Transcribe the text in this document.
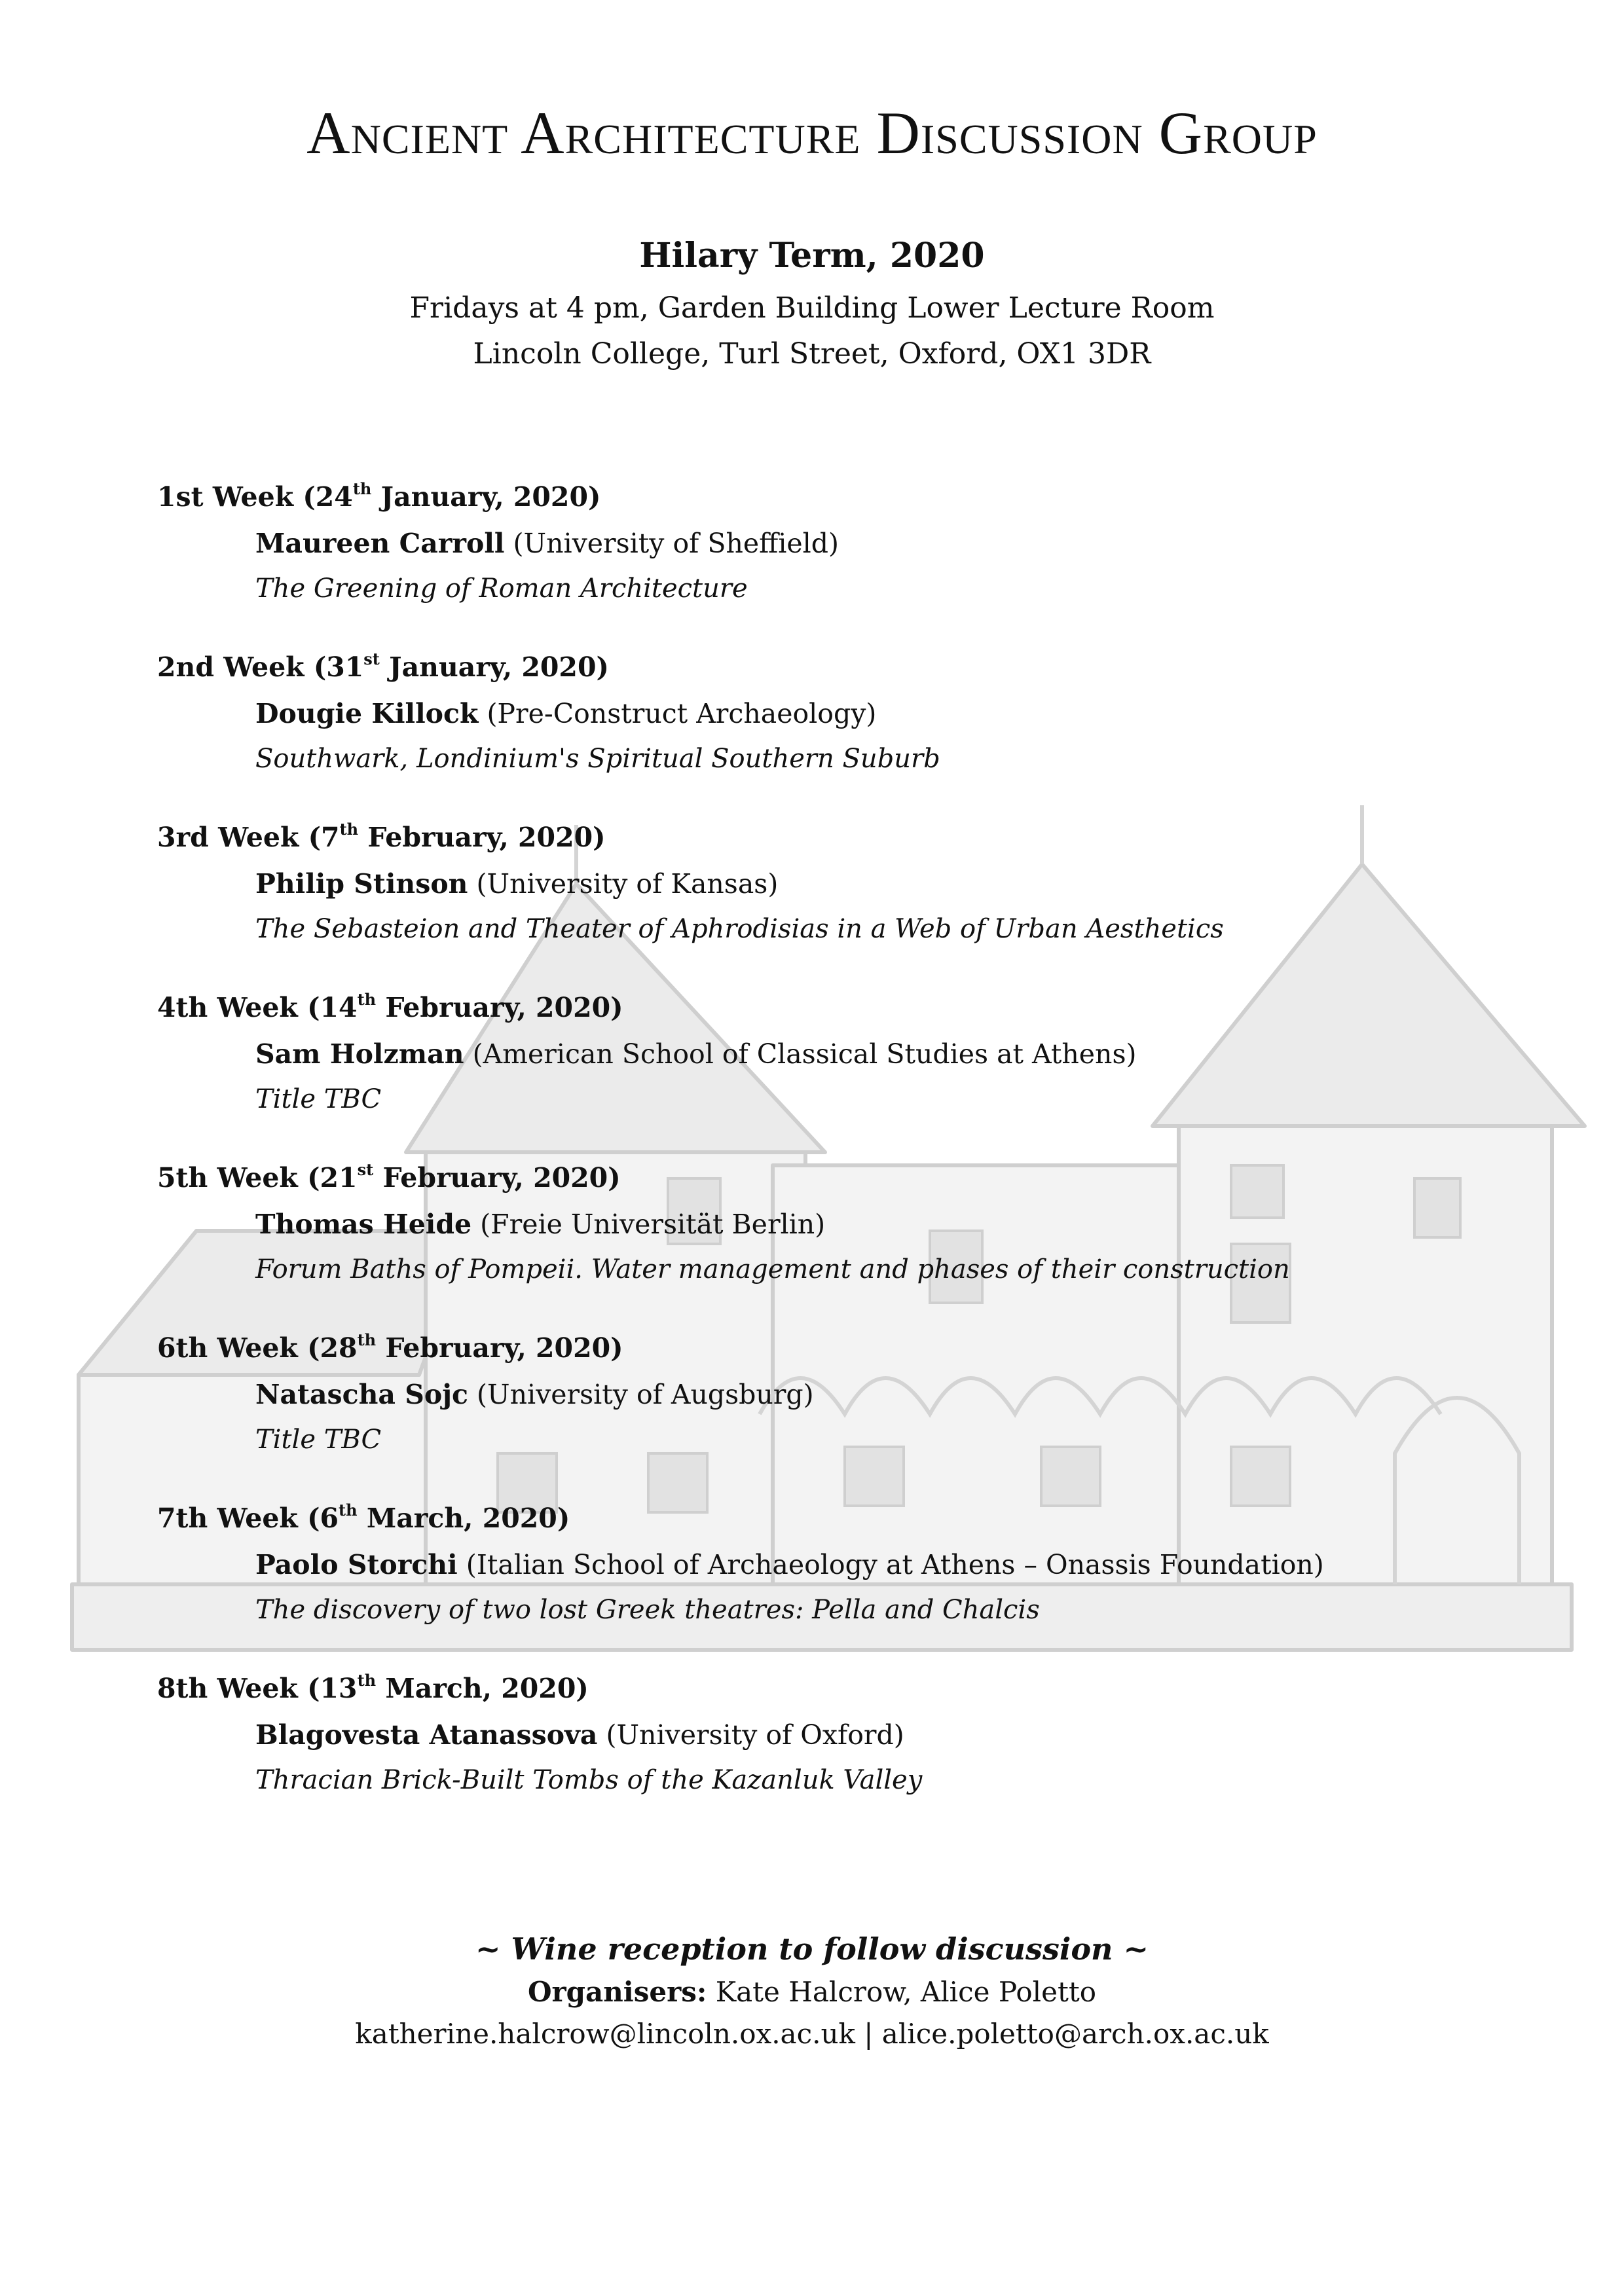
Ancient Architecture Discussion Group
Hilary Term, 2020
Fridays at 4 pm, Garden Building Lower Lecture Room
Lincoln College, Turl Street, Oxford, OX1 3DR
1st Week (24th January, 2020)
Maureen Carroll (University of Sheffield)
The Greening of Roman Architecture
2nd Week (31st January, 2020)
Dougie Killock (Pre-Construct Archaeology)
Southwark, Londinium's Spiritual Southern Suburb
3rd Week (7th February, 2020)
Philip Stinson (University of Kansas)
The Sebasteion and Theater of Aphrodisias in a Web of Urban Aesthetics
4th Week (14th February, 2020)
Sam Holzman (American School of Classical Studies at Athens)
Title TBC
5th Week (21st February, 2020)
Thomas Heide (Freie Universität Berlin)
Forum Baths of Pompeii. Water management and phases of their construction
6th Week (28th February, 2020)
Natascha Sojc (University of Augsburg)
Title TBC
7th Week (6th March, 2020)
Paolo Storchi (Italian School of Archaeology at Athens – Onassis Foundation)
The discovery of two lost Greek theatres: Pella and Chalcis
8th Week (13th March, 2020)
Blagovesta Atanassova (University of Oxford)
Thracian Brick-Built Tombs of the Kazanluk Valley
~ Wine reception to follow discussion ~
Organisers: Kate Halcrow, Alice Poletto
katherine.halcrow@lincoln.ox.ac.uk | alice.poletto@arch.ox.ac.uk
